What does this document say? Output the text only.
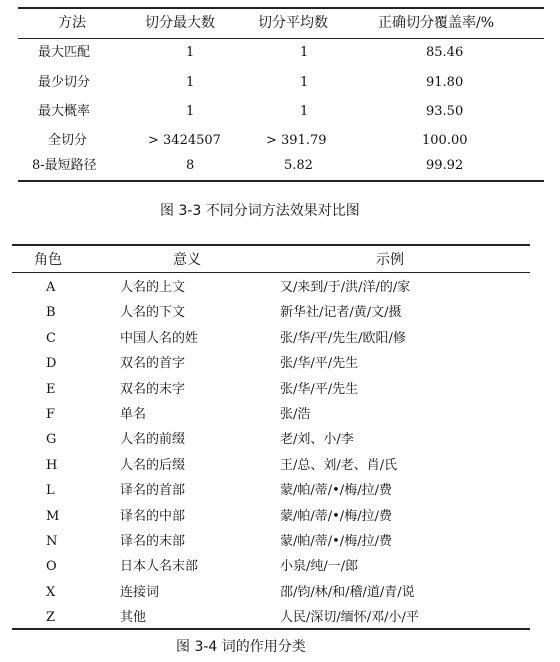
方法	切分最大数	切分平均数	正确切分覆盖率/%
最大匹配	1	1	85.46
最少切分	1	1	91.80
最大概率	1	1	93.50
全切分	> 3424507	> 391.79	100.00
8-最短路径	8	5.82	99.92
图 3-3 不同分词方法效果对比图
角色	意义	示例
A	人名的上文	又/来到/于/洪/洋/的/家
B	人名的下文	新华社/记者/黄/文/摄
C	中国人名的姓	张/华/平/先生/欧阳/修
D	双名的首字	张/华/平/先生
E	双名的末字	张/华/平/先生
F	单名	张/浩
G	人名的前缀	老/刘、小/李
H	人名的后缀	王/总、刘/老、肖/氏
L	译名的首部	蒙/帕/蒂/•/梅/拉/费
M	译名的中部	蒙/帕/蒂/•/梅/拉/费
N	译名的末部	蒙/帕/蒂/•/梅/拉/费
O	日本人名末部	小泉/纯/一/郎
X	连接词	邵/钧/林/和/稽/道/青/说
Z	其他	人民/深切/缅怀/邓/小/平
图 3-4 词的作用分类
